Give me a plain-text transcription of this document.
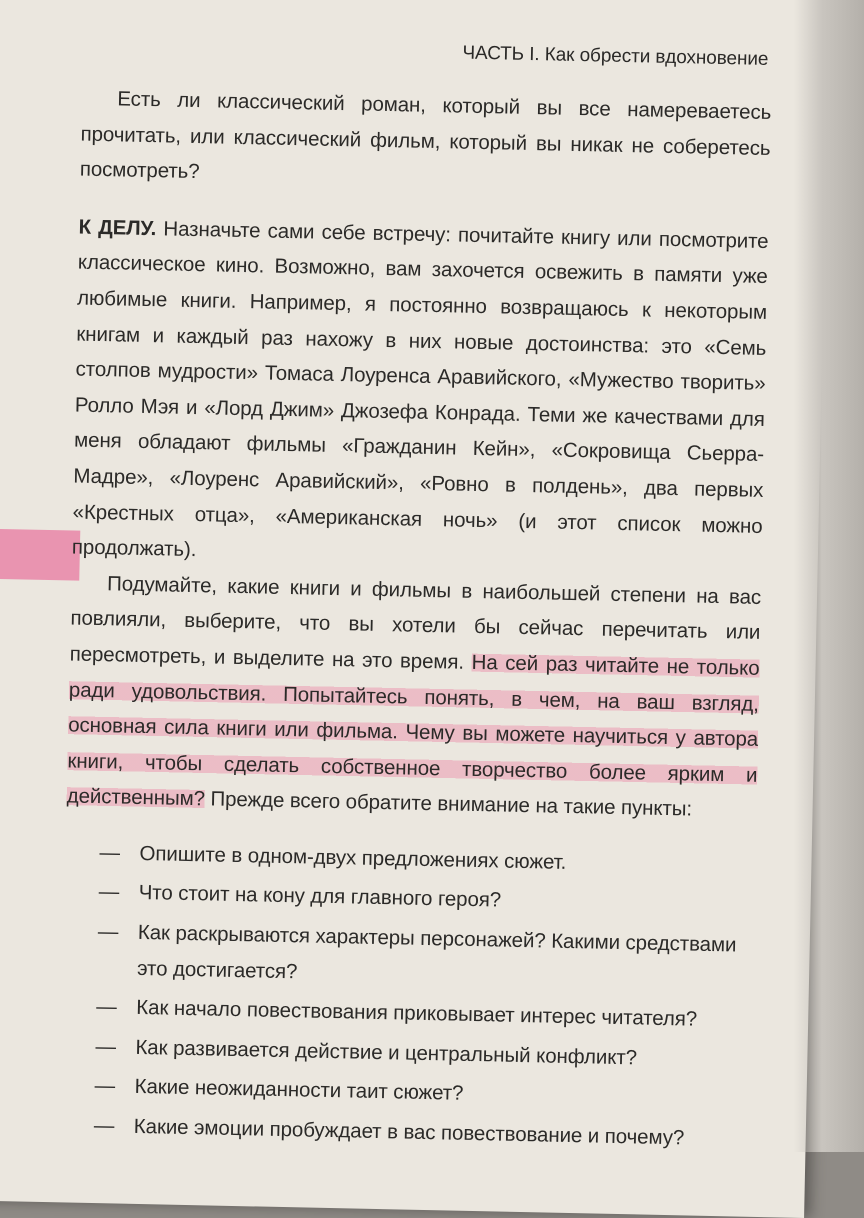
ЧАСТЬ I. Как обрести вдохновение

Есть ли классический роман, который вы все намереваетесь прочитать, или классический фильм, который вы никак не соберетесь посмотреть?

К ДЕЛУ. Назначьте сами себе встречу: почитайте книгу или посмотрите классическое кино. Возможно, вам захочется освежить в памяти уже любимые книги. Например, я постоянно возвращаюсь к некоторым книгам и каждый раз нахожу в них новые достоинства: это «Семь столпов мудрости» Томаса Лоуренса Аравийского, «Мужество творить» Ролло Мэя и «Лорд Джим» Джозефа Конрада. Теми же качествами для меня обладают фильмы «Гражданин Кейн», «Сокровища Сьерра-Мадре», «Лоуренс Аравийский», «Ровно в полдень», два первых «Крестных отца», «Американская ночь» (и этот список можно продолжать).

Подумайте, какие книги и фильмы в наибольшей степени на вас повлияли, выберите, что вы хотели бы сейчас перечитать или пересмотреть, и выделите на это время. На сей раз читайте не только ради удовольствия. Попытайтесь понять, в чем, на ваш взгляд, основная сила книги или фильма. Чему вы можете научиться у автора книги, чтобы сделать собственное творчество более ярким и действенным? Прежде всего обратите внимание на такие пункты:

— Опишите в одном-двух предложениях сюжет.
— Что стоит на кону для главного героя?
— Как раскрываются характеры персонажей? Какими средствами это достигается?
— Как начало повествования приковывает интерес читателя?
— Как развивается действие и центральный конфликт?
— Какие неожиданности таит сюжет?
— Какие эмоции пробуждает в вас повествование и почему?
